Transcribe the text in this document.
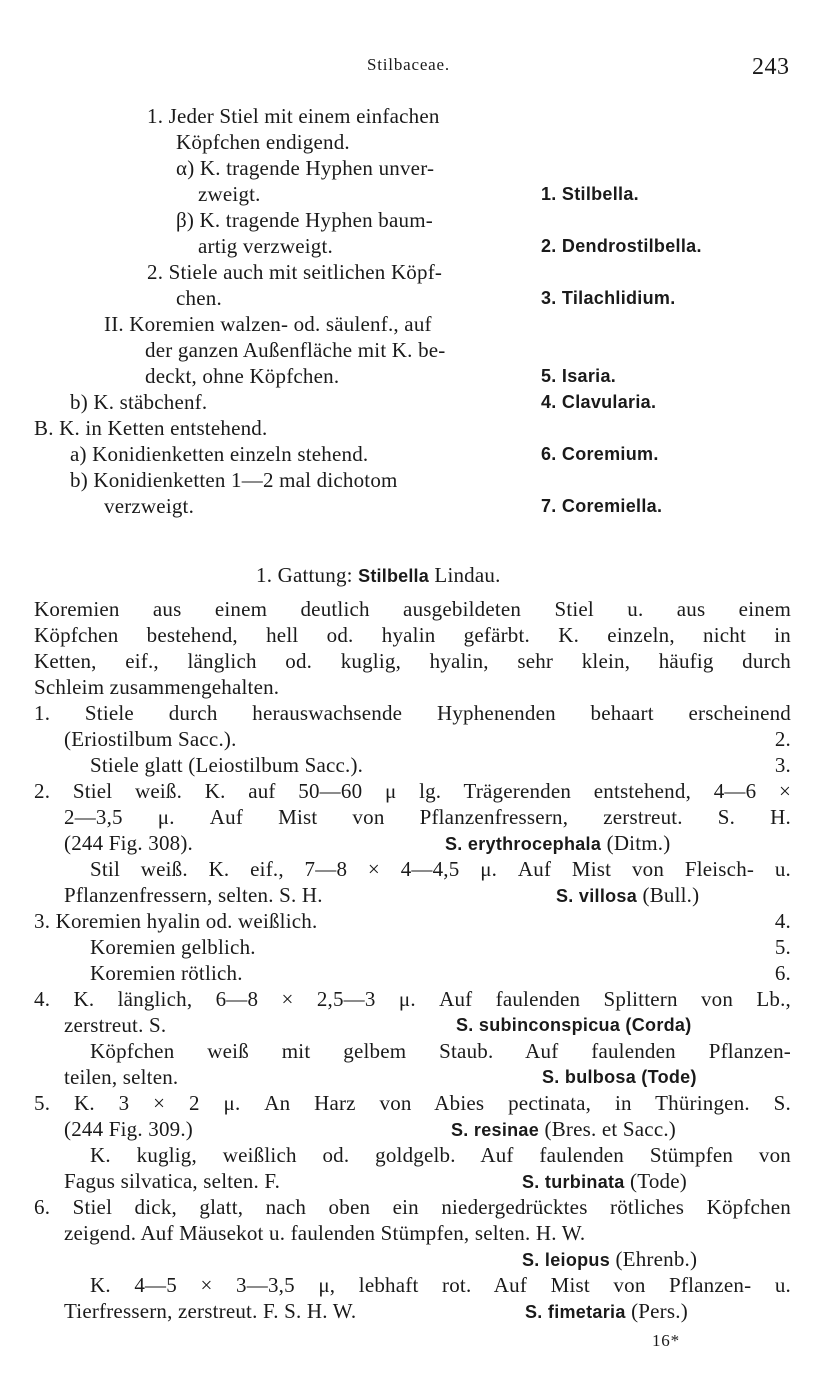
Stilbaceae.	243
1. Jeder Stiel mit einem einfachen
Köpfchen endigend.
α) K. tragende Hyphen unver-
zweigt.	1. Stilbella.
β) K. tragende Hyphen baum-
artig verzweigt.	2. Dendrostilbella.
2. Stiele auch mit seitlichen Köpf-
chen.	3. Tilachlidium.
II. Koremien walzen- od. säulenf., auf
der ganzen Außenfläche mit K. be-
deckt, ohne Köpfchen.	5. Isaria.
b) K. stäbchenf.	4. Clavularia.
B. K. in Ketten entstehend.
a) Konidienketten einzeln stehend.	6. Coremium.
b) Konidienketten 1—2 mal dichotom
verzweigt.	7. Coremiella.
1. Gattung: Stilbella Lindau.
Koremien aus einem deutlich ausgebildeten Stiel u. aus einem
Köpfchen bestehend, hell od. hyalin gefärbt. K. einzeln, nicht in
Ketten, eif., länglich od. kuglig, hyalin, sehr klein, häufig durch
Schleim zusammengehalten.
1. Stiele durch herauswachsende Hyphenenden behaart erscheinend
(Eriostilbum Sacc.).	2.
Stiele glatt (Leiostilbum Sacc.).	3.
2. Stiel weiß. K. auf 50—60 μ lg. Trägerenden entstehend, 4—6 ×
2—3,5 μ. Auf Mist von Pflanzenfressern, zerstreut. S. H.
(244 Fig. 308).	S. erythrocephala (Ditm.)
Stil weiß. K. eif., 7—8 × 4—4,5 μ. Auf Mist von Fleisch- u.
Pflanzenfressern, selten. S. H.	S. villosa (Bull.)
3. Koremien hyalin od. weißlich.	4.
Koremien gelblich.	5.
Koremien rötlich.	6.
4. K. länglich, 6—8 × 2,5—3 μ. Auf faulenden Splittern von Lb.,
zerstreut. S.	S. subinconspicua (Corda)
Köpfchen weiß mit gelbem Staub. Auf faulenden Pflanzen-
teilen, selten.	S. bulbosa (Tode)
5. K. 3 × 2 μ. An Harz von Abies pectinata, in Thüringen. S.
(244 Fig. 309.)	S. resinae (Bres. et Sacc.)
K. kuglig, weißlich od. goldgelb. Auf faulenden Stümpfen von
Fagus silvatica, selten. F.	S. turbinata (Tode)
6. Stiel dick, glatt, nach oben ein niedergedrücktes rötliches Köpfchen
zeigend. Auf Mäusekot u. faulenden Stümpfen, selten. H. W.
S. leiopus (Ehrenb.)
K. 4—5 × 3—3,5 μ, lebhaft rot. Auf Mist von Pflanzen- u.
Tierfressern, zerstreut. F. S. H. W.	S. fimetaria (Pers.)
16*
